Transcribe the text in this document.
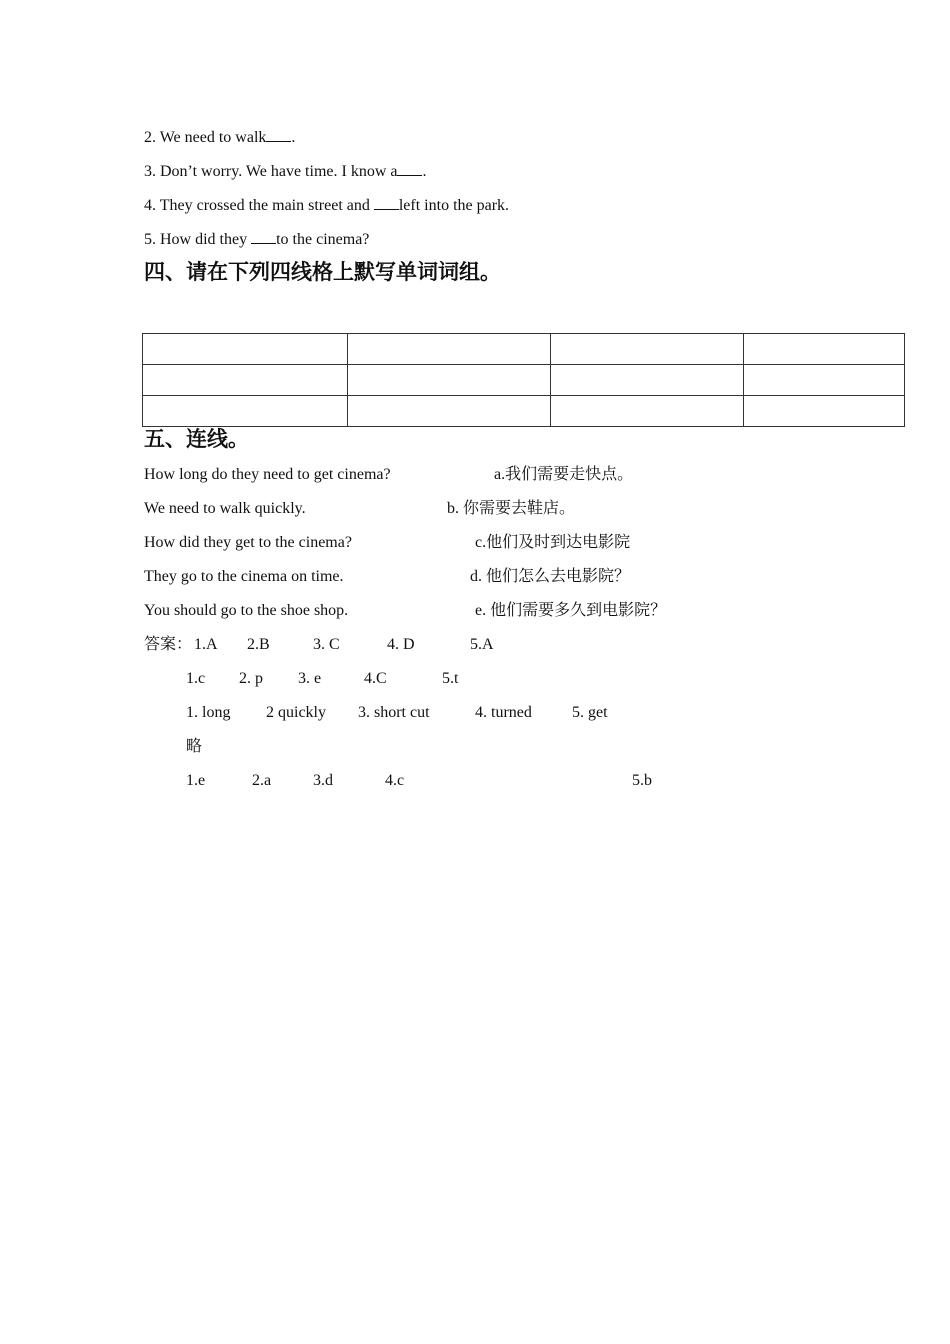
2. We need to walk .
3. Don’t worry. We have time. I know a .
4. They crossed the main street and left into the park.
5. How did they to the cinema?
四、请在下列四线格上默写单词词组。

五、连线。
How long do they need to get cinema?	a.我们需要走快点。
We need to walk quickly.	b. 你需要去鞋店。
How did they get to the cinema?	c.他们及时到达电影院
They go to the cinema on time.	d. 他们怎么去电影院？
You should go to the shoe shop.	e. 他们需要多久到电影院？
答案： 1.A 2.B	3. C	4. D	5.A
1.c 2. p 3. e	4.C	5.t
1. long 2 quickly 3. short cut	4. turned	5. get
略
1.e	2.a	3.d	4.c	5.b
